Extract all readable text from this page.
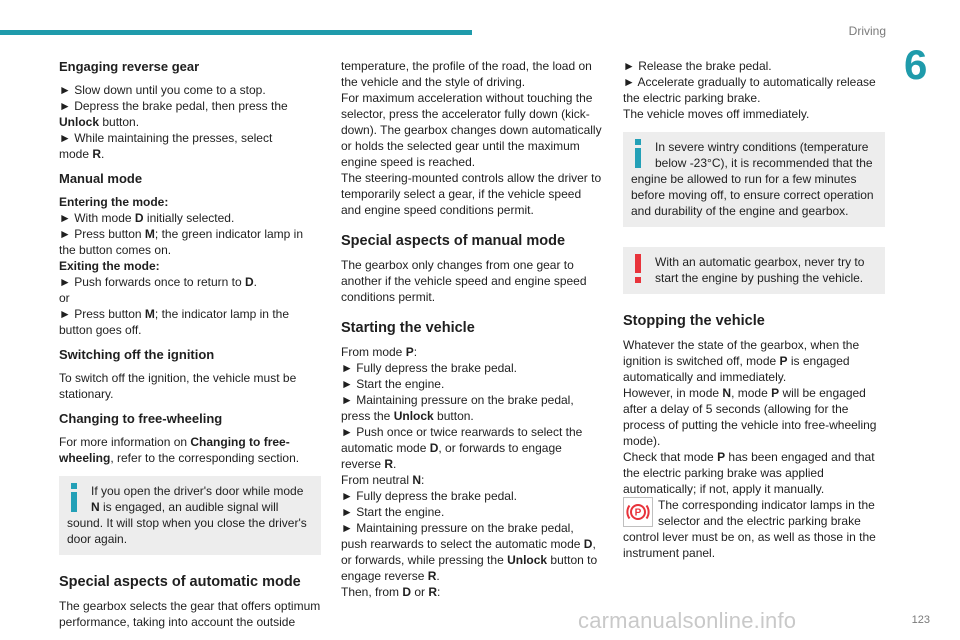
Driving
6
Engaging reverse gear

► Slow down until you come to a stop.

► Depress the brake pedal, then press the
Unlock button.

► While maintaining the presses, select
mode R.

Manual mode

Entering the mode:

► With mode D initially selected.

► Press button M; the green indicator lamp in the button comes on.

Exiting the mode:

► Push forwards once to return to D.

or

► Press button M; the indicator lamp in the button goes off.

Switching off the ignition

To switch off the ignition, the vehicle must be stationary.

Changing to free-wheeling

For more information on Changing to free-wheeling, refer to the corresponding section.

If you open the driver's door while mode N is engaged, an audible signal will sound. It will stop when you close the driver's door again.
Special aspects of automatic mode

The gearbox selects the gear that offers optimum performance, taking into account the outside

temperature, the profile of the road, the load on the vehicle and the style of driving.

For maximum acceleration without touching the selector, press the accelerator fully down (kick-down). The gearbox changes down automatically or holds the selected gear until the maximum engine speed is reached.

The steering-mounted controls allow the driver to temporarily select a gear, if the vehicle speed and engine speed conditions permit.

Special aspects of manual mode

The gearbox only changes from one gear to another if the vehicle speed and engine speed conditions permit.

Starting the vehicle

From mode P:

► Fully depress the brake pedal.

► Start the engine.

► Maintaining pressure on the brake pedal, press the Unlock button.

► Push once or twice rearwards to select the automatic mode D, or forwards to engage reverse R.

From neutral N:

► Fully depress the brake pedal.

► Start the engine.

► Maintaining pressure on the brake pedal, push rearwards to select the automatic mode D, or forwards, while pressing the Unlock button to engage reverse R.

Then, from D or R:

► Release the brake pedal.

► Accelerate gradually to automatically release the electric parking brake.

The vehicle moves off immediately.

In severe wintry conditions (temperature below -23°C), it is recommended that the engine be allowed to run for a few minutes before moving off, to ensure correct operation and durability of the engine and gearbox.
With an automatic gearbox, never try to start the engine by pushing the vehicle.
Stopping the vehicle

Whatever the state of the gearbox, when the ignition is switched off, mode P is engaged automatically and immediately.

However, in mode N, mode P will be engaged after a delay of 5 seconds (allowing for the process of putting the vehicle into free-wheeling mode).

Check that mode P has been engaged and that the electric parking brake was applied automatically; if not, apply it manually.

P
The corresponding indicator lamps in the selector and the electric parking brake control lever must be on, as well as those in the instrument panel.

carmanualsonline.info	123
